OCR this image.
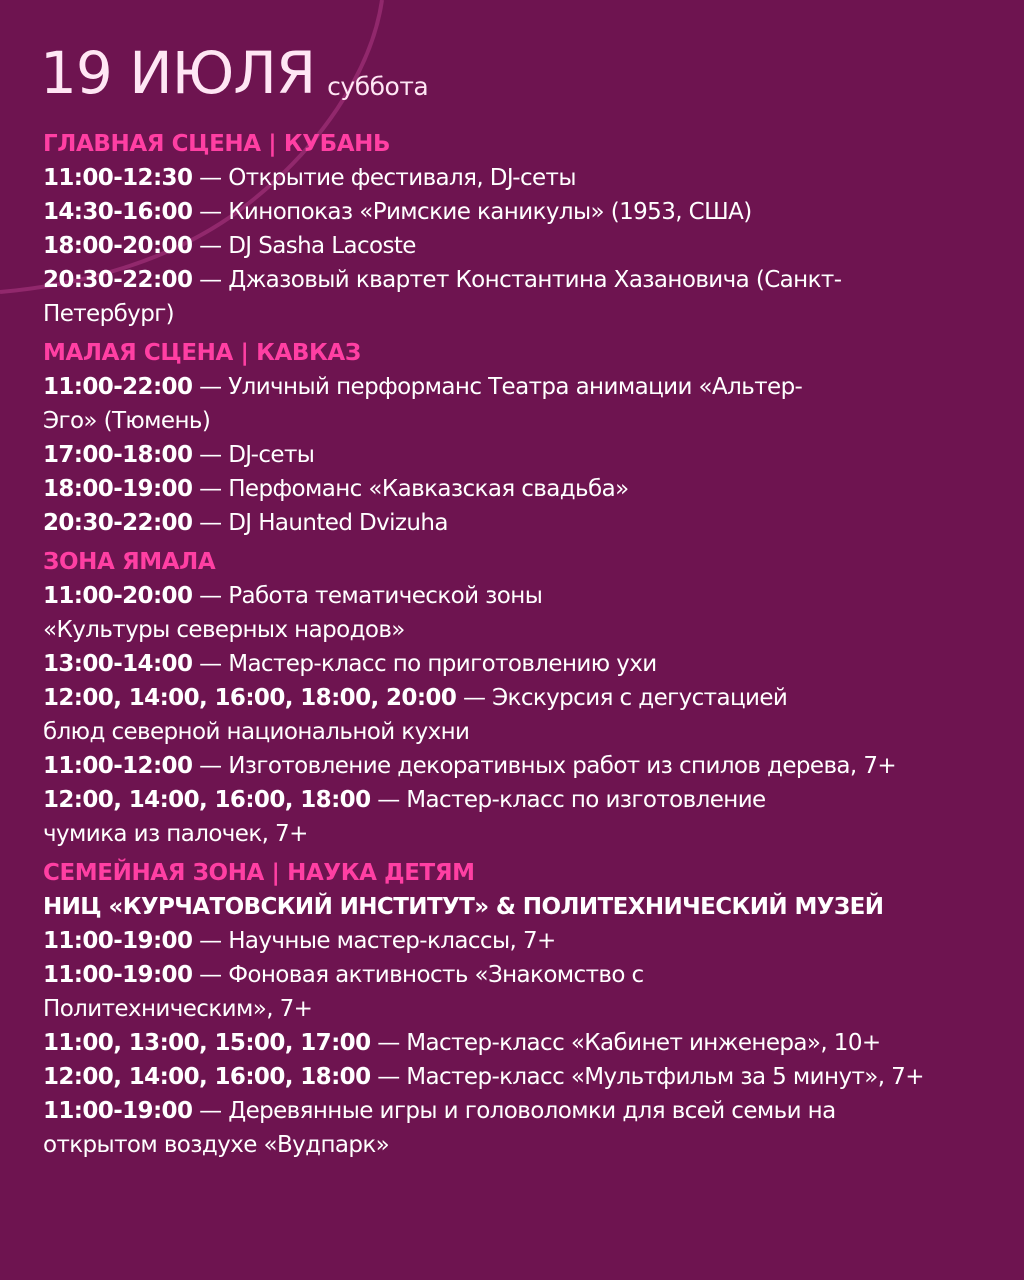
19 ИЮЛЯ суббота
ГЛАВНАЯ СЦЕНА | КУБАНЬ
11:00-12:30 — Открытие фестиваля, DJ-сеты
14:30-16:00 — Кинопоказ «Римские каникулы» (1953, США)
18:00-20:00 — DJ Sasha Lacoste
20:30-22:00 — Джазовый квартет Константина Хазановича (Санкт-Петербург)
МАЛАЯ СЦЕНА | КАВКАЗ
11:00-22:00 — Уличный перформанс Театра анимации «Альтер-Эго» (Тюмень)
17:00-18:00 — DJ-сеты
18:00-19:00 — Перфоманс «Кавказская свадьба»
20:30-22:00 — DJ Haunted Dvizuha
ЗОНА ЯМАЛА
11:00-20:00 — Работа тематической зоны «Культуры северных народов»
13:00-14:00 — Мастер-класс по приготовлению ухи
12:00, 14:00, 16:00, 18:00, 20:00 — Экскурсия с дегустацией блюд северной национальной кухни
11:00-12:00 — Изготовление декоративных работ из спилов дерева, 7+
12:00, 14:00, 16:00, 18:00 — Мастер-класс по изготовление чумика из палочек, 7+
СЕМЕЙНАЯ ЗОНА | НАУКА ДЕТЯМ
НИЦ «КУРЧАТОВСКИЙ ИНСТИТУТ» & ПОЛИТЕХНИЧЕСКИЙ МУЗЕЙ
11:00-19:00 — Научные мастер-классы, 7+
11:00-19:00 — Фоновая активность «Знакомство с Политехническим», 7+
11:00, 13:00, 15:00, 17:00 — Мастер-класс «Кабинет инженера», 10+
12:00, 14:00, 16:00, 18:00 — Мастер-класс «Мультфильм за 5 минут», 7+
11:00-19:00 — Деревянные игры и головоломки для всей семьи на открытом воздухе «Вудпарк»
